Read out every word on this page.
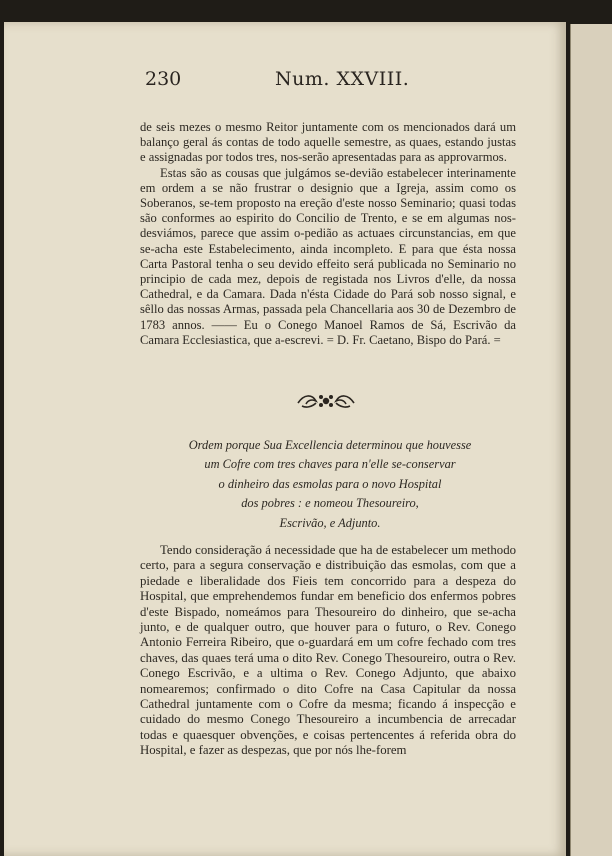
230	Num. XXVIII.

de seis mezes o mesmo Reitor juntamente com os mencionados dará um balanço geral ás contas de todo aquelle semestre, as quaes, estando justas e assignadas por todos tres, nos-serão apresentadas para as approvarmos.

Estas são as cousas que julgámos se-devião estabelecer interinamente em ordem a se não frustrar o designio que a Igreja, assim como os Soberanos, se-tem proposto na ereção d'este nosso Seminario; quasi todas são conformes ao espirito do Concilio de Trento, e se em algumas nos-desviámos, parece que assim o-pedião as actuaes circunstancias, em que se-acha este Estabelecimento, ainda incompleto. E para que ésta nossa Carta Pastoral tenha o seu devido effeito será publicada no Seminario no principio de cada mez, depois de registada nos Livros d'elle, da nossa Cathedral, e da Camara. Dada n'ésta Cidade do Pará sob nosso signal, e sêllo das nossas Armas, passada pela Chancellaria aos 30 de Dezembro de 1783 annos. —— Eu o Conego Manoel Ramos de Sá, Escrivão da Camara Ecclesiastica, que a-escrevi. = D. Fr. Caetano, Bispo do Pará. =

Ordem porque Sua Excellencia determinou que houvesse
um Cofre com tres chaves para n'elle se-conservar
o dinheiro das esmolas para o novo Hospital
dos pobres : e nomeou Thesoureiro,
Escrivão, e Adjunto.

Tendo consideração á necessidade que ha de estabelecer um methodo certo, para a segura conservação e distribuição das esmolas, com que a piedade e liberalidade dos Fieis tem concorrido para a despeza do Hospital, que emprehendemos fundar em beneficio dos enfermos pobres d'este Bispado, nomeámos para Thesoureiro do dinheiro, que se-acha junto, e de qualquer outro, que houver para o futuro, o Rev. Conego Antonio Ferreira Ribeiro, que o-guardará em um cofre fechado com tres chaves, das quaes terá uma o dito Rev. Conego Thesoureiro, outra o Rev. Conego Escrivão, e a ultima o Rev. Conego Adjunto, que abaixo nomearemos; confirmado o dito Cofre na Casa Capitular da nossa Cathedral juntamente com o Cofre da mesma; ficando á inspecção e cuidado do mesmo Conego Thesoureiro a incumbencia de arrecadar todas e quaesquer obvenções, e coisas pertencentes á referida obra do Hospital, e fazer as despezas, que por nós lhe-forem
